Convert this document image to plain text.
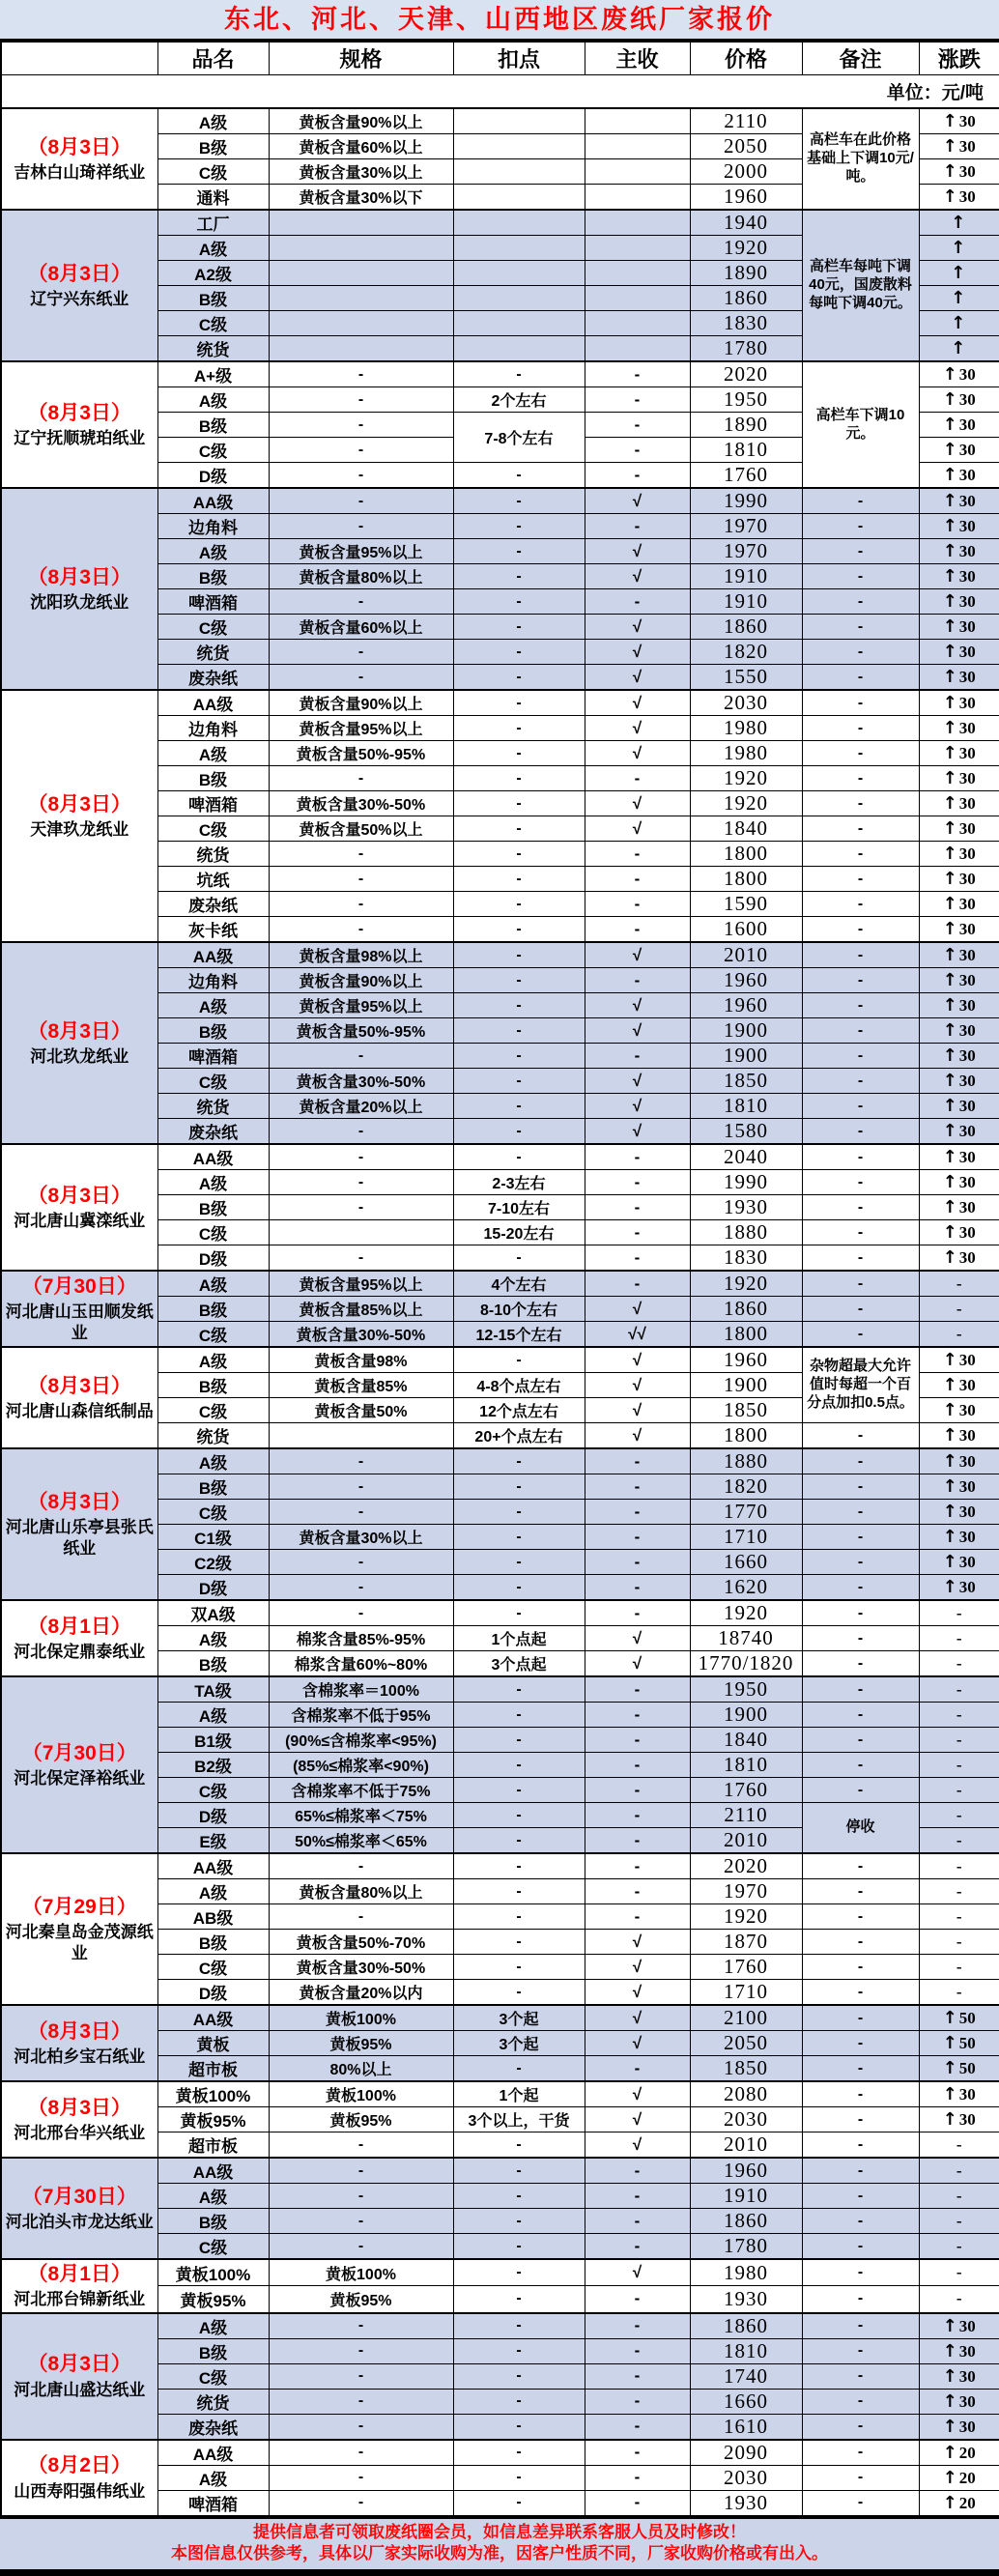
东北、河北、天津、山西地区废纸厂家报价
	品名	规格	扣点	主收	价格	备注	涨跌
单位：元/吨							

（8月3日）
吉林白山琦祥纸业	A级	黄板含量90%以上			2110	高栏车在此价格基础上下调10元/吨。	↑ 30
	B级	黄板含量60%以上			2050		↑ 30
	C级	黄板含量30%以上			2000		↑ 30
	通料	黄板含量30%以下			1960		↑ 30

（8月3日）
辽宁兴东纸业	工厂				1940	高栏车每吨下调40元，国废散料每吨下调40元。	↑
	A级				1920		↑
	A2级				1890		↑
	B级				1860		↑
	C级				1830		↑
	统货				1780		↑

（8月3日）
辽宁抚顺琥珀纸业	A+级	-	-	-	2020	高栏车下调10元。	↑ 30
	A级	-	2个左右	-	1950		↑ 30
	B级	-	7-8个左右	-	1890		↑ 30
	C级	-		-	1810		↑ 30
	D级	-	-	-	1760		↑ 30

（8月3日）
沈阳玖龙纸业	AA级	-	-	√	1990	-	↑ 30
	边角料	-	-	-	1970	-	↑ 30
	A级	黄板含量95%以上	-	√	1970	-	↑ 30
	B级	黄板含量80%以上	-	√	1910	-	↑ 30
	啤酒箱	-	-	-	1910	-	↑ 30
	C级	黄板含量60%以上	-	√	1860	-	↑ 30
	统货	-	-	√	1820	-	↑ 30
	废杂纸	-	-	√	1550	-	↑ 30

（8月3日）
天津玖龙纸业	AA级	黄板含量90%以上	-	√	2030	-	↑ 30
	边角料	黄板含量95%以上	-	√	1980	-	↑ 30
	A级	黄板含量50%-95%	-	√	1980	-	↑ 30
	B级	-	-	-	1920	-	↑ 30
	啤酒箱	黄板含量30%-50%	-	√	1920	-	↑ 30
	C级	黄板含量50%以上	-	√	1840	-	↑ 30
	统货	-	-	-	1800	-	↑ 30
	坑纸	-	-	-	1800	-	↑ 30
	废杂纸	-	-	-	1590	-	↑ 30
	灰卡纸	-	-	-	1600	-	↑ 30

（8月3日）
河北玖龙纸业	AA级	黄板含量98%以上	-	√	2010	-	↑ 30
	边角料	黄板含量90%以上	-	-	1960	-	↑ 30
	A级	黄板含量95%以上	-	√	1960	-	↑ 30
	B级	黄板含量50%-95%	-	√	1900	-	↑ 30
	啤酒箱	-	-	-	1900	-	↑ 30
	C级	黄板含量30%-50%	-	√	1850	-	↑ 30
	统货	黄板含量20%以上	-	√	1810	-	↑ 30
	废杂纸	-	-	√	1580	-	↑ 30

（8月3日）
河北唐山冀滦纸业	AA级	-	-	-	2040	-	↑ 30
	A级	-	2-3左右	-	1990	-	↑ 30
	B级	-	7-10左右	-	1930	-	↑ 30
	C级		15-20左右	-	1880	-	↑ 30
	D级	-	-	-	1830	-	↑ 30

（7月30日）
河北唐山玉田顺发纸业	A级	黄板含量95%以上	4个左右	-	1920	-	-
	B级	黄板含量85%以上	8-10个左右	√	1860	-	-
	C级	黄板含量30%-50%	12-15个左右	√√	1800	-	-

（8月3日）
河北唐山森信纸制品	A级	黄板含量98%	-	√	1960	杂物超最大允许值时每超一个百分点加扣0.5点。	↑ 30
	B级	黄板含量85%	4-8个点左右	√	1900		↑ 30
	C级	黄板含量50%	12个点左右	√	1850		↑ 30
	统货		20+个点左右	√	1800	-	↑ 30

（8月3日）
河北唐山乐亭县张氏纸业	A级	-	-	-	1880	-	↑ 30
	B级	-	-	-	1820	-	↑ 30
	C级	-	-	-	1770	-	↑ 30
	C1级	黄板含量30%以上	-	-	1710	-	↑ 30
	C2级	-	-	-	1660	-	↑ 30
	D级	-	-	-	1620	-	↑ 30

（8月1日）
河北保定鼎泰纸业	双A级	-	-	-	1920	-	-
	A级	棉浆含量85%-95%	1个点起	√	18740	-	-
	B级	棉浆含量60%~80%	3个点起	√	1770/1820	-	-

（7月30日）
河北保定泽裕纸业	TA级	含棉浆率＝100%	-	-	1950	-	-
	A级	含棉浆率不低于95%	-	-	1900	-	-
	B1级	(90%≤含棉浆率<95%)	-	-	1840	-	-
	B2级	(85%≤棉浆率<90%)	-	-	1810	-	-
	C级	含棉浆率不低于75%	-	-	1760	-	-
	D级	65%≤棉浆率＜75%	-	-	2110	停收	-
	E级	50%≤棉浆率＜65%	-	-	2010		-

（7月29日）
河北秦皇岛金茂源纸业	AA级	-	-	-	2020	-	-
	A级	黄板含量80%以上	-	-	1970	-	-
	AB级	-	-	-	1920	-	-
	B级	黄板含量50%-70%	-	√	1870	-	-
	C级	黄板含量30%-50%	-	√	1760	-	-
	D级	黄板含量20%以内	-	√	1710	-	-

（8月3日）
河北柏乡宝石纸业	AA级	黄板100%	3个起	√	2100	-	↑ 50
	黄板	黄板95%	3个起	√	2050	-	↑ 50
	超市板	80%以上	-	-	1850	-	↑ 50

（8月3日）
河北邢台华兴纸业	黄板100%	黄板100%	1个起	√	2080	-	↑ 30
	黄板95%	黄板95%	3个以上，干货	√	2030	-	↑ 30
	超市板	-	-	√	2010	-	-

（7月30日）
河北泊头市龙达纸业	AA级	-	-	-	1960	-	-
	A级	-	-	-	1910	-	-
	B级	-	-	-	1860	-	-
	C级	-	-	-	1780	-	-

（8月1日）
河北邢台锦新纸业	黄板100%	黄板100%	-	√	1980	-	-
	黄板95%	黄板95%	-	-	1930	-	-

（8月3日）
河北唐山盛达纸业	A级	-	-	-	1860	-	↑ 30
	B级	-	-	-	1810	-	↑ 30
	C级	-	-	-	1740	-	↑ 30
	统货	-	-	-	1660	-	↑ 30
	废杂纸	-	-	-	1610	-	↑ 30

（8月2日）
山西寿阳强伟纸业	AA级	-	-	-	2090	-	↑ 20
	A级	-	-	-	2030	-	↑ 20
	啤酒箱	-	-	-	1930	-	↑ 20
提供信息者可领取废纸圈会员，如信息差异联系客服人员及时修改！
本图信息仅供参考，具体以厂家实际收购为准，因客户性质不同，厂家收购价格或有出入。
